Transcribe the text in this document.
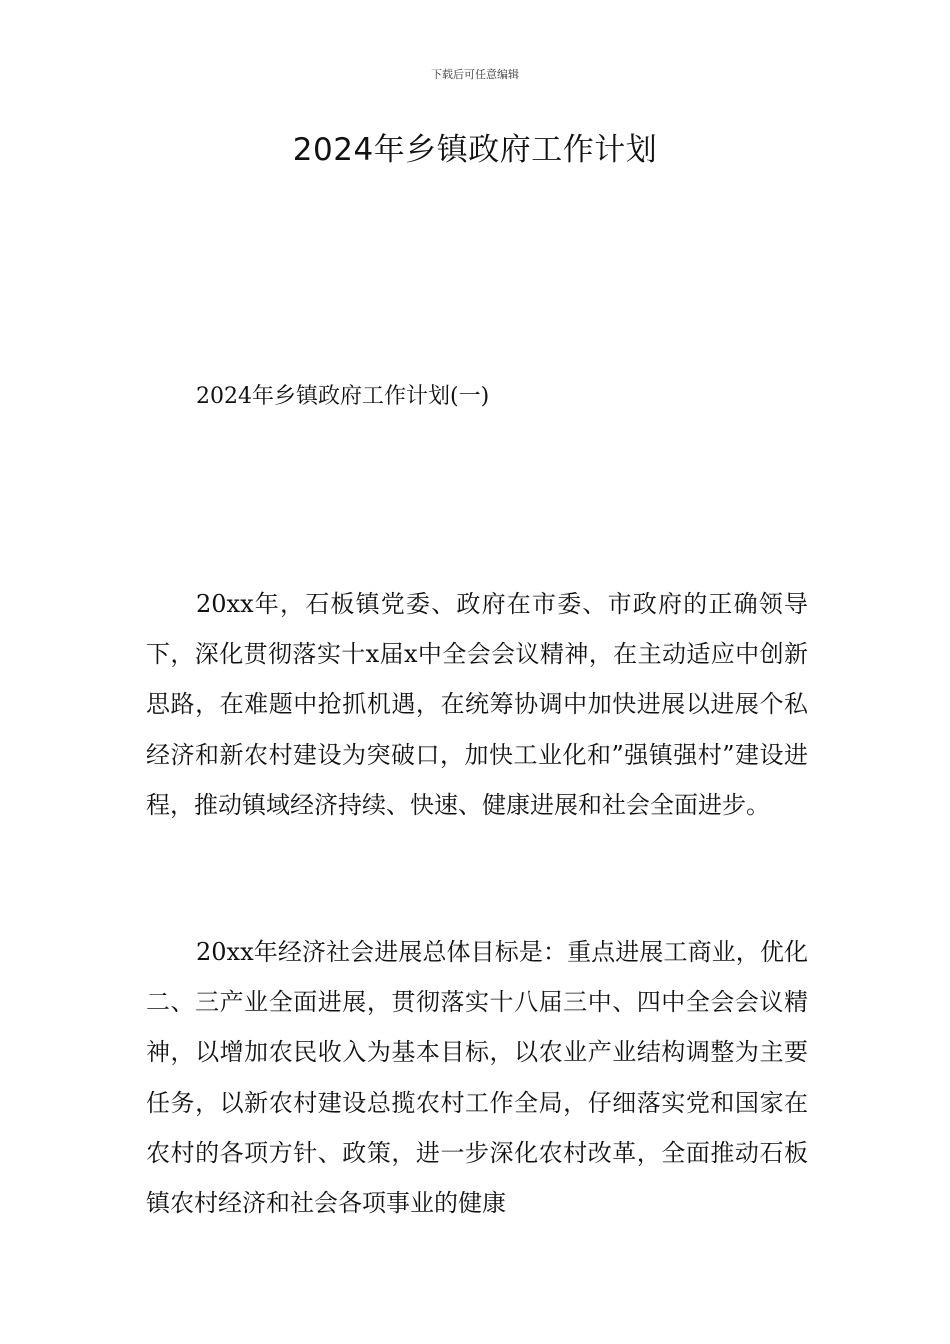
下载后可任意编辑
2024年乡镇政府工作计划
2024年乡镇政府工作计划(一)

20xx年，石板镇党委、政府在市委、市政府的正确领导下，深化贯彻落实十x届x中全会会议精神，在主动适应中创新思路，在难题中抢抓机遇，在统筹协调中加快进展以进展个私经济和新农村建设为突破口，加快工业化和”强镇强村”建设进程，推动镇域经济持续、快速、健康进展和社会全面进步。

20xx年经济社会进展总体目标是：重点进展工商业，优化二、三产业全面进展，贯彻落实十八届三中、四中全会会议精神，以增加农民收入为基本目标，以农业产业结构调整为主要任务，以新农村建设总揽农村工作全局，仔细落实党和国家在农村的各项方针、政策，进一步深化农村改革，全面推动石板镇农村经济和社会各项事业的健康
